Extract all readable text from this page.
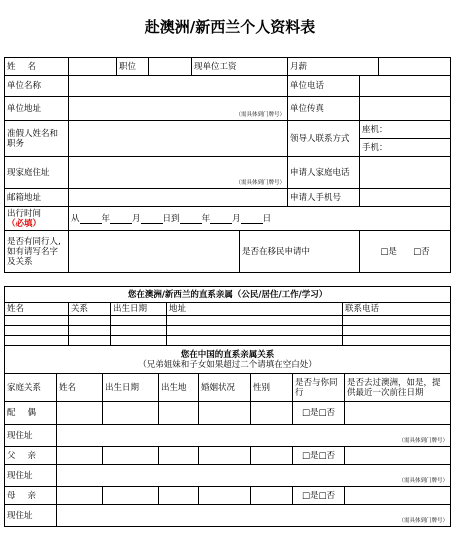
赴澳洲/新西兰个人资料表
姓名		职位		现单位工资		月薪		
单位名称						单位电话		
单位地址	（需具体到门牌号）					单位传真		
准假人姓名和职务						领导人联系方式	座机：	
							手机：	
现家庭住址	（需具体到门牌号）					申请人家庭电话		
邮箱地址						申请人手机号		

出行时间
（必填）	从 年 月 日到 年 月 日							
是否有同行人,如有请写名字及关系					是否在移民申请中		□是 □否	
您在澳洲/新西兰的直系亲属（公民/居住/工作/学习）				
姓名	关系	出生日期	地址	联系电话

您在中国的直系亲属关系
（兄弟姐妹和子女如果超过二个请填在空白处）							

家庭关系	姓名	出生日期	出生地	婚姻状况	性别	是否与你同行	是否去过澳洲，如是，提供最近一次前往日期
配偶						□是□否	
现住址	（需具体到门牌号）						
父亲						□是□否	
现住址	（需具体到门牌号）						
母亲						□是□否	
现住址	（需具体到门牌号）						
